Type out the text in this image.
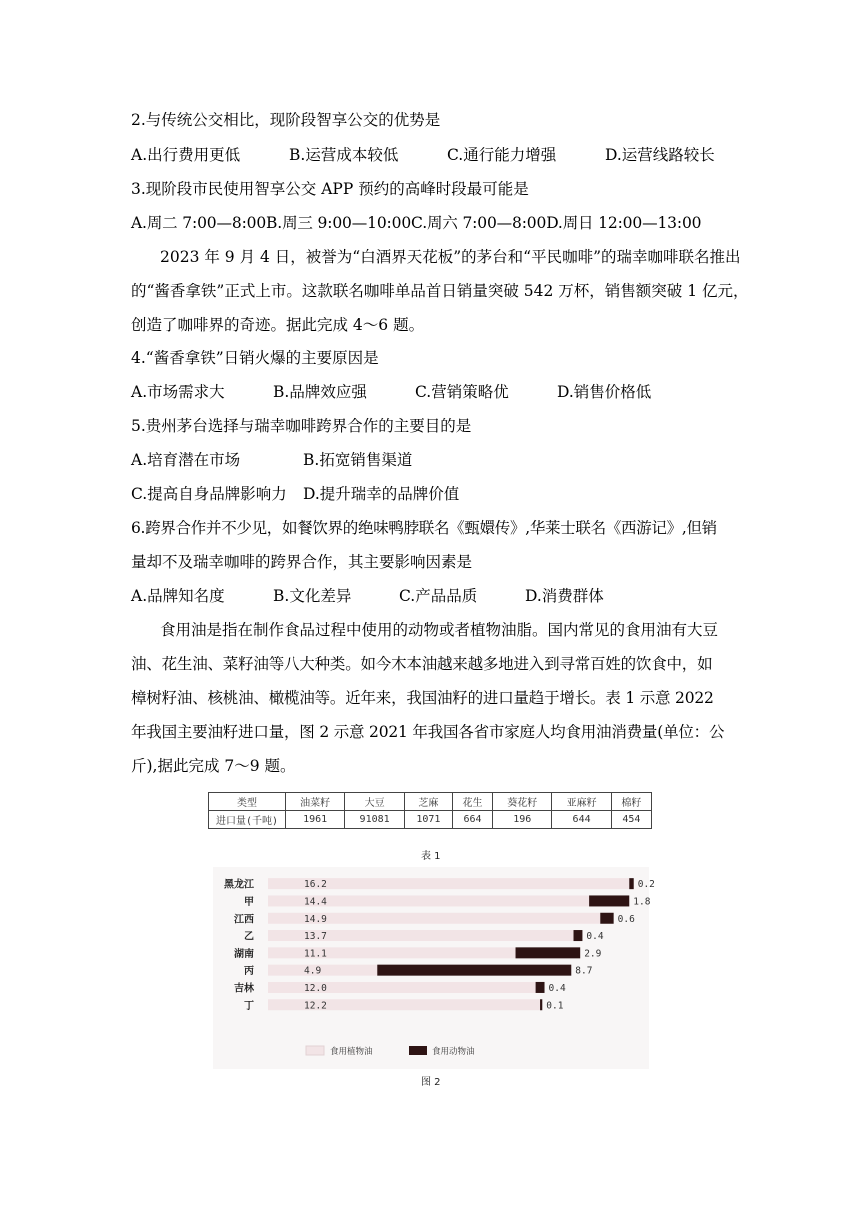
2.与传统公交相比，现阶段智享公交的优势是
A.出行费用更低	B.运营成本较低	C.通行能力增强	D.运营线路较长
3.现阶段市民使用智享公交 APP 预约的高峰时段最可能是
A.周二 7:00—8:00B.周三 9:00—10:00C.周六 7:00—8:00D.周日 12:00—13:00
2023 年 9 月 4 日，被誉为“白酒界天花板”的茅台和“平民咖啡”的瑞幸咖啡联名推出
的“酱香拿铁”正式上市。这款联名咖啡单品首日销量突破 542 万杯，销售额突破 1 亿元，
创造了咖啡界的奇迹。据此完成 4～6 题。
4.“酱香拿铁”日销火爆的主要原因是
A.市场需求大	B.品牌效应强	C.营销策略优	D.销售价格低
5.贵州茅台选择与瑞幸咖啡跨界合作的主要目的是
A.培育潜在市场	B.拓宽销售渠道
C.提高自身品牌影响力 D.提升瑞幸的品牌价值
6.跨界合作并不少见，如餐饮界的绝味鸭脖联名《甄嬛传》,华莱士联名《西游记》,但销
量却不及瑞幸咖啡的跨界合作，其主要影响因素是
A.品牌知名度	B.文化差异	C.产品品质	D.消费群体
食用油是指在制作食品过程中使用的动物或者植物油脂。国内常见的食用油有大豆
油、花生油、菜籽油等八大种类。如今木本油越来越多地进入到寻常百姓的饮食中，如
樟树籽油、核桃油、橄榄油等。近年来，我国油籽的进口量趋于增长。表 1 示意 2022
年我国主要油籽进口量，图 2 示意 2021 年我国各省市家庭人均食用油消费量(单位：公
斤),据此完成 7～9 题。
类型	油菜籽	大豆	芝麻	花生	葵花籽	亚麻籽	棉籽
进口量(千吨)	1961	91081	1071	664	196	644	454
表 1
黑龙江	16.2	0.2
甲	14.4	1.8
江西	14.9	0.6
乙	13.7	0.4
湖南	11.1	2.9
丙	4.9	8.7
吉林	12.0	0.4
丁	12.2	0.1
食用植物油	食用动物油
图 2
